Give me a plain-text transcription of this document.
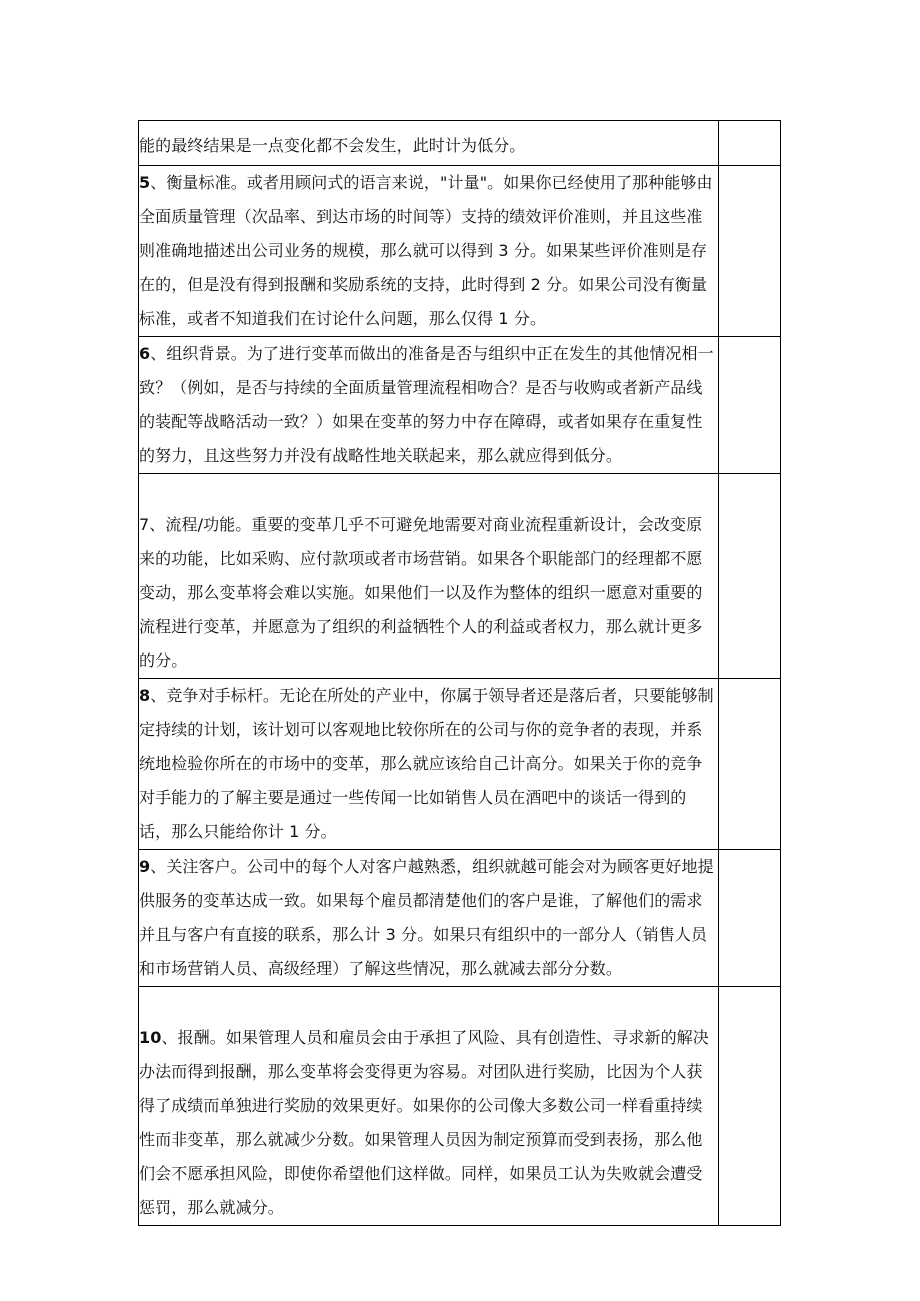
能的最终结果是一点变化都不会发生，此时计为低分。	

5、衡量标准。或者用顾问式的语言来说，"计量"。如果你已经使用了那种能够由全面质量管理（次品率、到达市场的时间等）支持的绩效评价准则，并且这些准则准确地描述出公司业务的规模，那么就可以得到 3 分。如果某些评价准则是存在的，但是没有得到报酬和奖励系统的支持，此时得到 2 分。如果公司没有衡量标准，或者不知道我们在讨论什么问题，那么仅得 1 分。	

6、组织背景。为了进行变革而做出的准备是否与组织中正在发生的其他情况相一致？（例如，是否与持续的全面质量管理流程相吻合？是否与收购或者新产品线的装配等战略活动一致？）如果在变革的努力中存在障碍，或者如果存在重复性的努力，且这些努力并没有战略性地关联起来，那么就应得到低分。	

7、流程/功能。重要的变革几乎不可避免地需要对商业流程重新设计，会改变原来的功能，比如采购、应付款项或者市场营销。如果各个职能部门的经理都不愿变动，那么变革将会难以实施。如果他们一以及作为整体的组织一愿意对重要的流程进行变革，并愿意为了组织的利益牺牲个人的利益或者权力，那么就计更多的分。	

8、竞争对手标杆。无论在所处的产业中，你属于领导者还是落后者，只要能够制定持续的计划，该计划可以客观地比较你所在的公司与你的竞争者的表现，并系统地检验你所在的市场中的变革，那么就应该给自己计高分。如果关于你的竞争对手能力的了解主要是通过一些传闻一比如销售人员在酒吧中的谈话一得到的话，那么只能给你计 1 分。	

9、关注客户。公司中的每个人对客户越熟悉，组织就越可能会对为顾客更好地提供服务的变革达成一致。如果每个雇员都清楚他们的客户是谁，了解他们的需求并且与客户有直接的联系，那么计 3 分。如果只有组织中的一部分人（销售人员和市场营销人员、高级经理）了解这些情况，那么就减去部分分数。	

10、报酬。如果管理人员和雇员会由于承担了风险、具有创造性、寻求新的解决办法而得到报酬，那么变革将会变得更为容易。对团队进行奖励，比因为个人获得了成绩而单独进行奖励的效果更好。如果你的公司像大多数公司一样看重持续性而非变革，那么就减少分数。如果管理人员因为制定预算而受到表扬，那么他们会不愿承担风险，即使你希望他们这样做。同样，如果员工认为失败就会遭受惩罚，那么就减分。	
